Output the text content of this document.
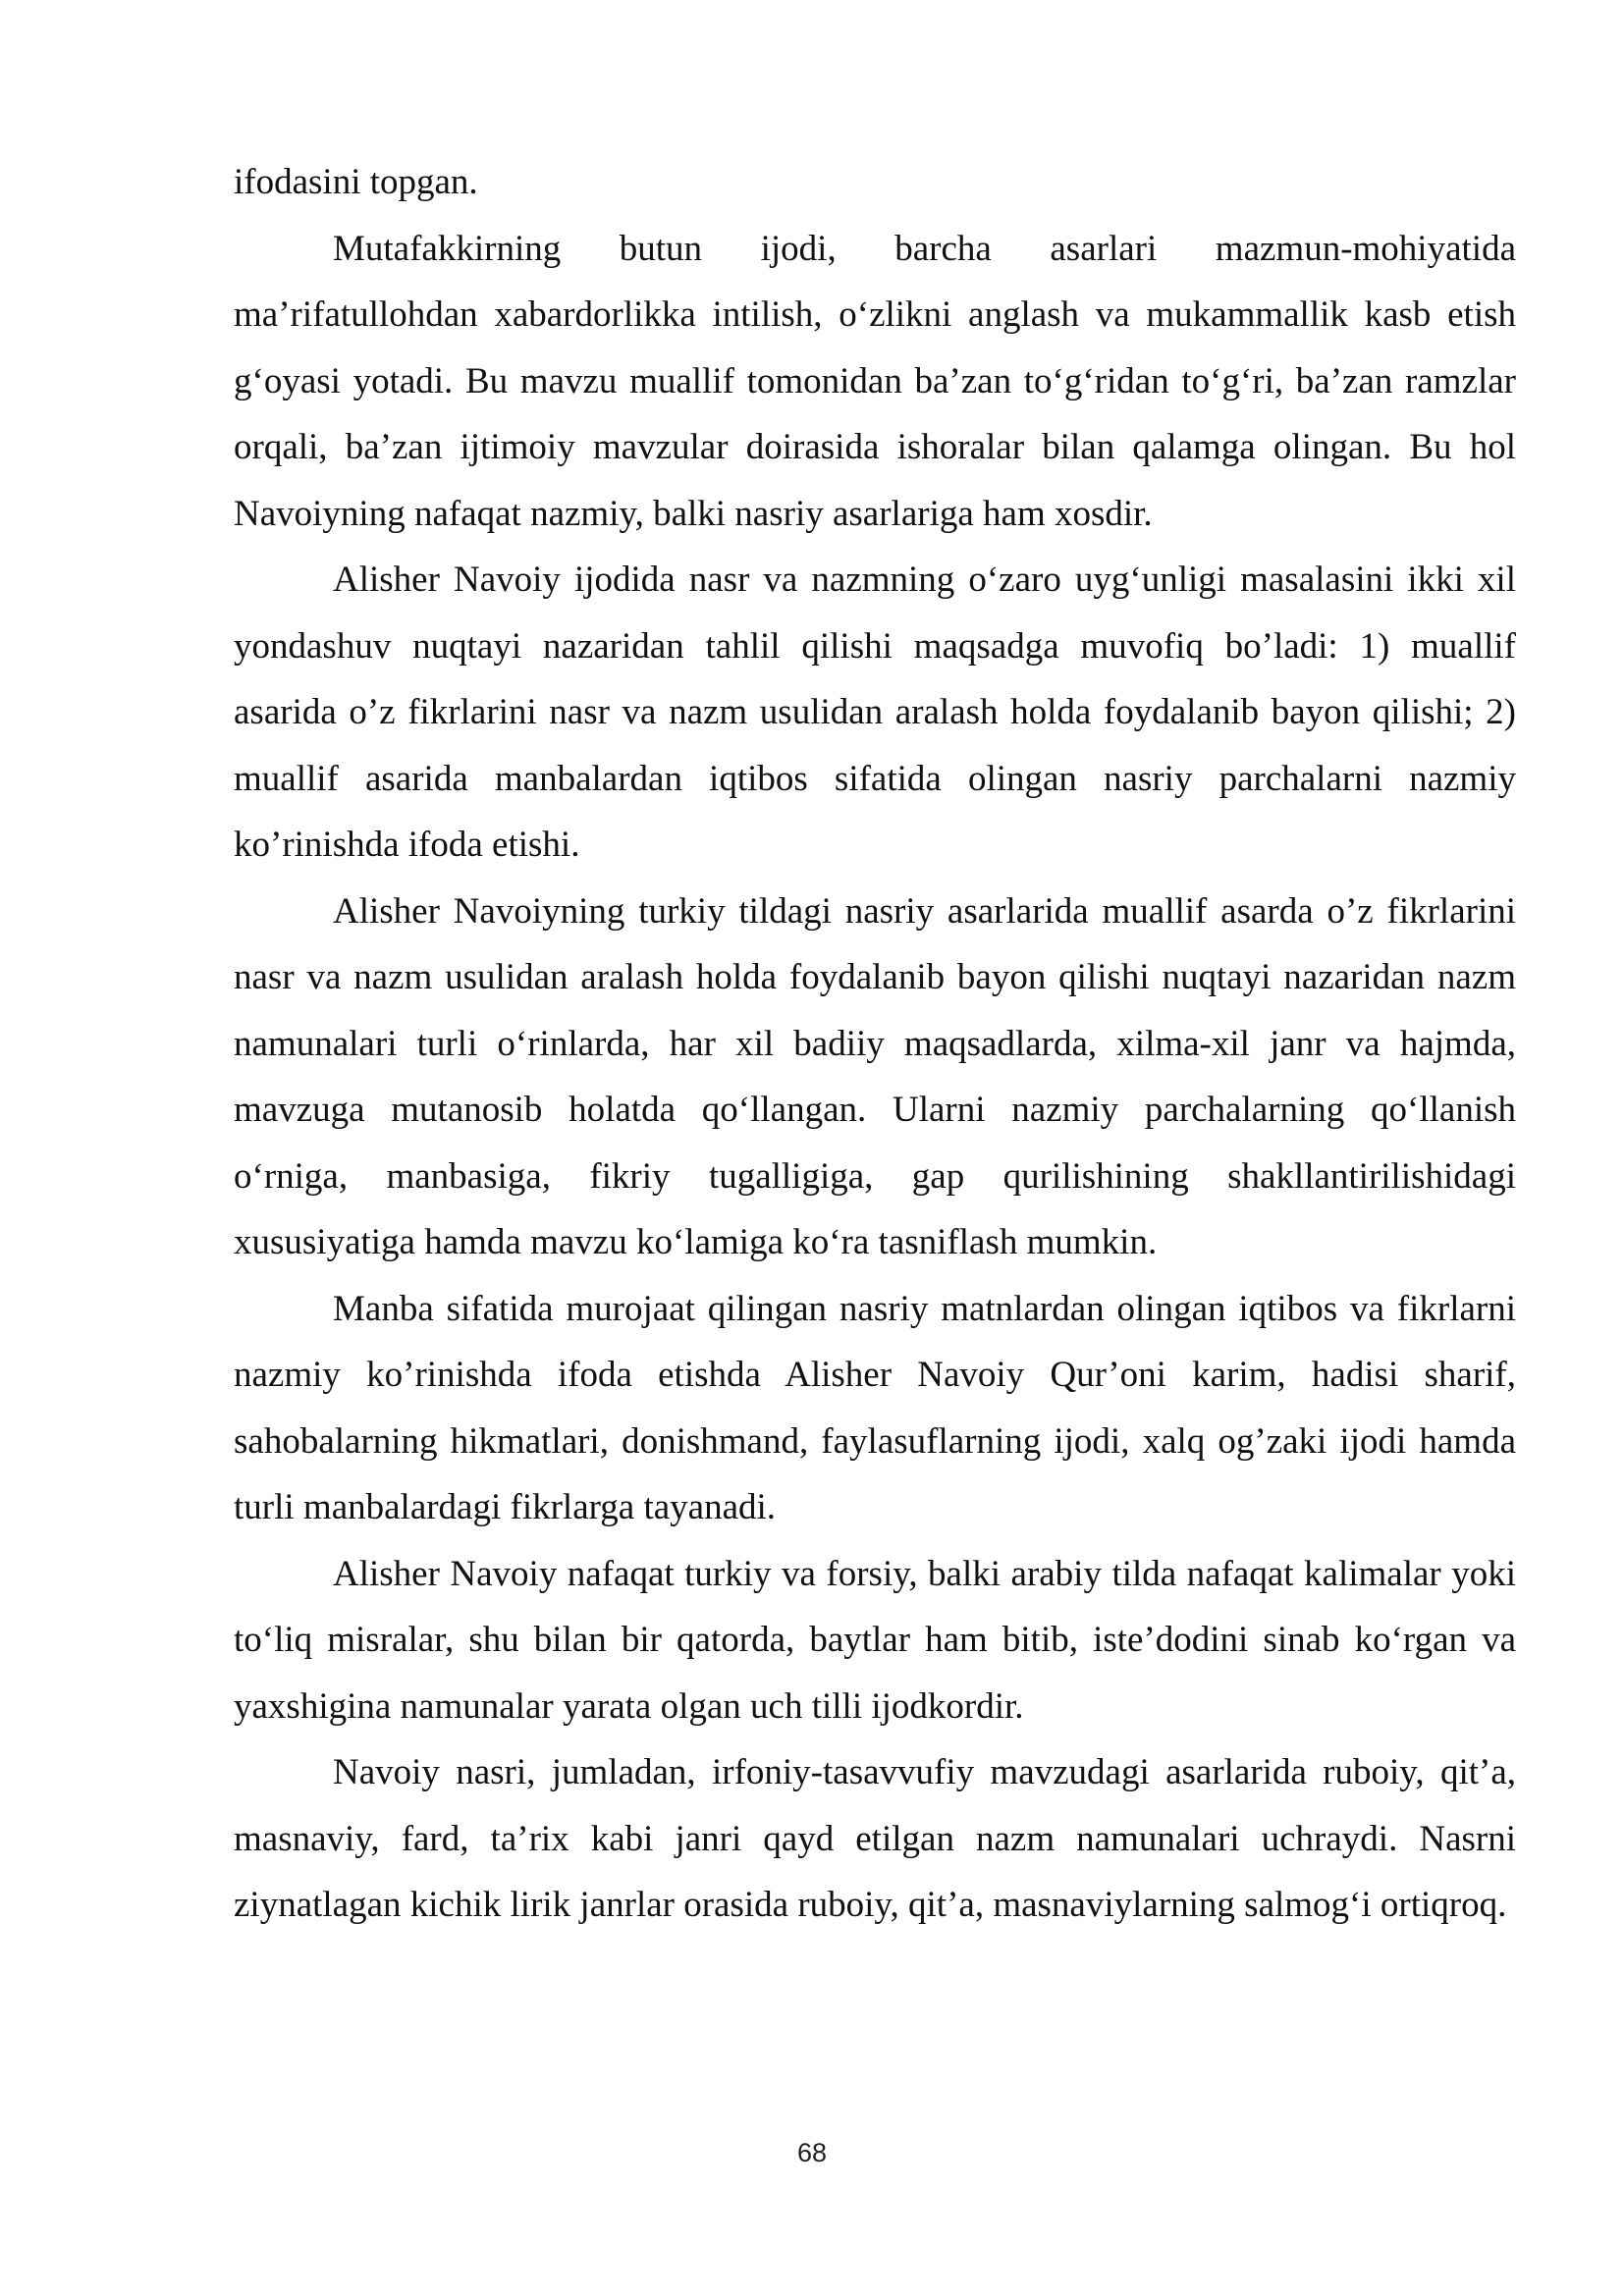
ifodasini topgan.

Mutafakkirning butun ijodi, barcha asarlari mazmun-mohiyatida ma’rifatullohdan xabardorlikka intilish, o‘zlikni anglash va mukammallik kasb etish g‘oyasi yotadi. Bu mavzu muallif tomonidan ba’zan to‘g‘ridan to‘g‘ri, ba’zan ramzlar orqali, ba’zan ijtimoiy mavzular doirasida ishoralar bilan qalamga olingan. Bu hol Navoiyning nafaqat nazmiy, balki nasriy asarlariga ham xosdir.

Alisher Navoiy ijodida nasr va nazmning o‘zaro uyg‘unligi masalasini ikki xil yondashuv nuqtayi nazaridan tahlil qilishi maqsadga muvofiq bo’ladi: 1) muallif asarida o’z fikrlarini nasr va nazm usulidan aralash holda foydalanib bayon qilishi; 2) muallif asarida manbalardan iqtibos sifatida olingan nasriy parchalarni nazmiy ko’rinishda ifoda etishi.

Alisher Navoiyning turkiy tildagi nasriy asarlarida muallif asarda o’z fikrlarini nasr va nazm usulidan aralash holda foydalanib bayon qilishi nuqtayi nazaridan nazm namunalari turli o‘rinlarda, har xil badiiy maqsadlarda, xilma-xil janr va hajmda, mavzuga mutanosib holatda qo‘llangan. Ularni nazmiy parchalarning qo‘llanish o‘rniga, manbasiga, fikriy tugalligiga, gap qurilishining shakllantirilishidagi xususiyatiga hamda mavzu ko‘lamiga ko‘ra tasniflash mumkin.

Manba sifatida murojaat qilingan nasriy matnlardan olingan iqtibos va fikrlarni nazmiy ko’rinishda ifoda etishda Alisher Navoiy Qur’oni karim, hadisi sharif, sahobalarning hikmatlari, donishmand, faylasuflarning ijodi, xalq og’zaki ijodi hamda turli manbalardagi fikrlarga tayanadi.

Alisher Navoiy nafaqat turkiy va forsiy, balki arabiy tilda nafaqat kalimalar yoki to‘liq misralar, shu bilan bir qatorda, baytlar ham bitib, iste’dodini sinab ko‘rgan va yaxshigina namunalar yarata olgan uch tilli ijodkordir.

Navoiy nasri, jumladan, irfoniy-tasavvufiy mavzudagi asarlarida ruboiy, qit’a, masnaviy, fard, ta’rix kabi janri qayd etilgan nazm namunalari uchraydi. Nasrni ziynatlagan kichik lirik janrlar orasida ruboiy, qit’a, masnaviylarning salmog‘i ortiqroq.

68
